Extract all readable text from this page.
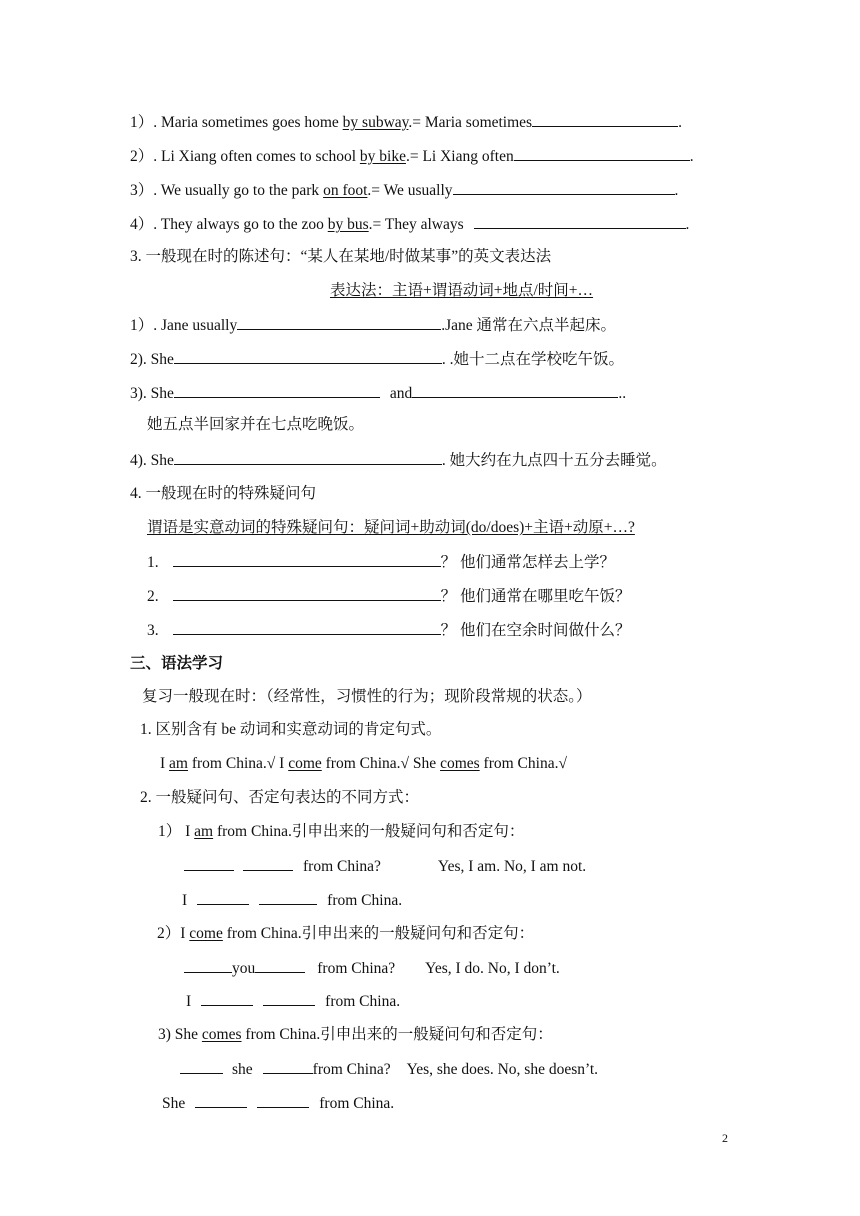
1）. Maria sometimes goes home by subway.= Maria sometimes	.
2）. Li Xiang often comes to school by bike.= Li Xiang often	.
3）. We usually go to the park on foot.= We usually	.
4）. They always go to the zoo by bus.= They always	.
3. 一般现在时的陈述句：“某人在某地/时做某事”的英文表达法
表达法：主语+谓语动词+地点/时间+…
1）. Jane usually	.Jane 通常在六点半起床。
2). She	. .她十二点在学校吃午饭。
3). She	and	..
她五点半回家并在七点吃晚饭。
4). She	. 她大约在九点四十五分去睡觉。
4. 一般现在时的特殊疑问句
谓语是实意动词的特殊疑问句：疑问词+助动词(do/does)+主语+动原+…?
1.	？ 他们通常怎样去上学？
2.	？ 他们通常在哪里吃午饭？
3.	？ 他们在空余时间做什么？
三、语法学习
复习一般现在时：（经常性，习惯性的行为；现阶段常规的状态。）
1. 区别含有 be 动词和实意动词的肯定句式。
I am from China.√ I come from China.√ She comes from China.√
2. 一般疑问句、否定句表达的不同方式：
1） I am from China.引申出来的一般疑问句和否定句：
from China?	Yes, I am. No, I am not.
I	from China.
2）I come from China.引申出来的一般疑问句和否定句：
you	from China? Yes, I do. No, I don’t.
I	from China.
3) She comes from China.引申出来的一般疑问句和否定句：
she	from China? Yes, she does. No, she doesn’t.
She	from China.
2
